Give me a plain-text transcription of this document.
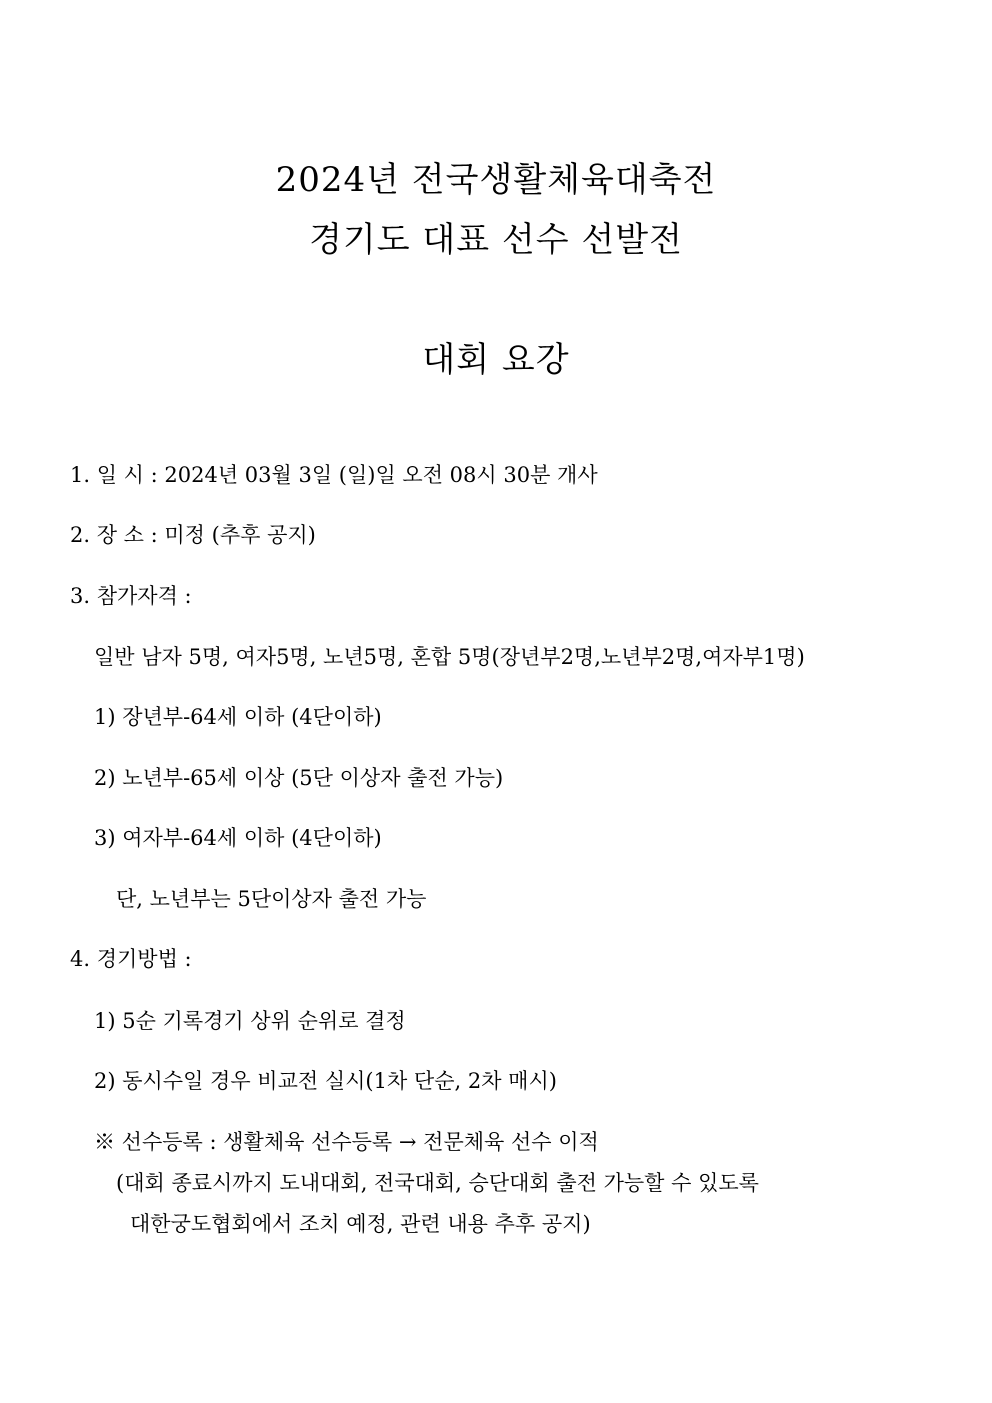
2024년 전국생활체육대축전
경기도 대표 선수 선발전
대회 요강
1. 일 시 : 2024년 03월 3일 (일)일 오전 08시 30분 개사
2. 장 소 : 미정 (추후 공지)
3. 참가자격 :
일반 남자 5명, 여자5명, 노년5명, 혼합 5명(장년부2명,노년부2명,여자부1명)
1) 장년부-64세 이하 (4단이하)
2) 노년부-65세 이상 (5단 이상자 출전 가능)
3) 여자부-64세 이하 (4단이하)
단, 노년부는 5단이상자 출전 가능
4. 경기방법 :
1) 5순 기록경기 상위 순위로 결정
2) 동시수일 경우 비교전 실시(1차 단순, 2차 매시)
※ 선수등록 : 생활체육 선수등록 → 전문체육 선수 이적
(대회 종료시까지 도내대회, 전국대회, 승단대회 출전 가능할 수 있도록
대한궁도협회에서 조치 예정, 관련 내용 추후 공지)
